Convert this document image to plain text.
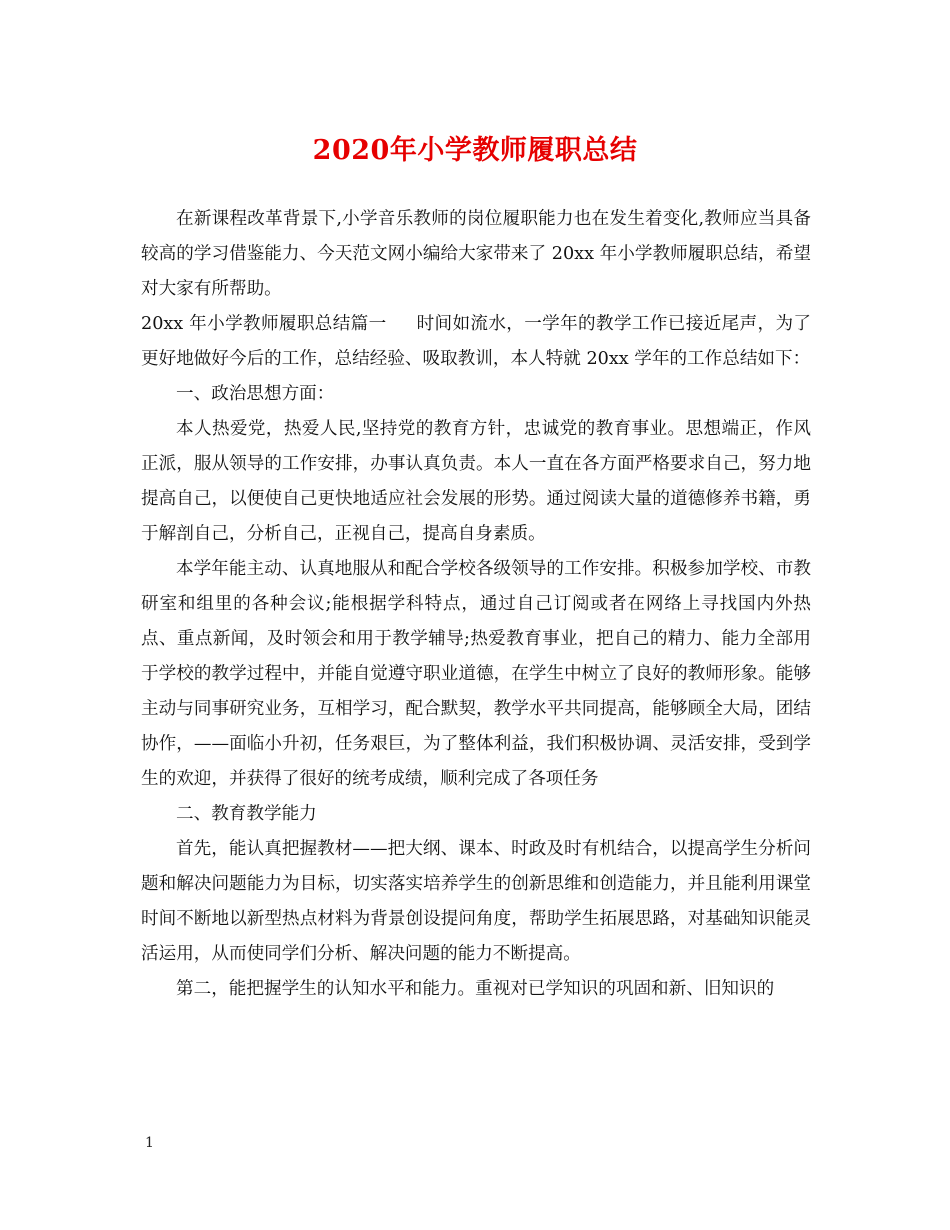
2020年小学教师履职总结

在新课程改革背景下,小学音乐教师的岗位履职能力也在发生着变化,教师应当具备较高的学习借鉴能力、今天范文网小编给大家带来了 20xx 年小学教师履职总结，希望对大家有所帮助。

20xx 年小学教师履职总结篇一 时间如流水，一学年的教学工作已接近尾声，为了更好地做好今后的工作，总结经验、吸取教训，本人特就 20xx 学年的工作总结如下：

一、政治思想方面：

本人热爱党，热爱人民,坚持党的教育方针，忠诚党的教育事业。思想端正，作风正派，服从领导的工作安排，办事认真负责。本人一直在各方面严格要求自己，努力地提高自己，以便使自己更快地适应社会发展的形势。通过阅读大量的道德修养书籍，勇于解剖自己，分析自己，正视自己，提高自身素质。

本学年能主动、认真地服从和配合学校各级领导的工作安排。积极参加学校、市教研室和组里的各种会议;能根据学科特点，通过自己订阅或者在网络上寻找国内外热点、重点新闻，及时领会和用于教学辅导;热爱教育事业，把自己的精力、能力全部用于学校的教学过程中，并能自觉遵守职业道德，在学生中树立了良好的教师形象。能够主动与同事研究业务，互相学习，配合默契，教学水平共同提高，能够顾全大局，团结协作，——面临小升初，任务艰巨，为了整体利益，我们积极协调、灵活安排，受到学生的欢迎，并获得了很好的统考成绩，顺利完成了各项任务

二、教育教学能力

首先，能认真把握教材——把大纲、课本、时政及时有机结合，以提高学生分析问题和解决问题能力为目标，切实落实培养学生的创新思维和创造能力，并且能利用课堂时间不断地以新型热点材料为背景创设提问角度，帮助学生拓展思路，对基础知识能灵活运用，从而使同学们分析、解决问题的能力不断提高。

第二，能把握学生的认知水平和能力。重视对已学知识的巩固和新、旧知识的

1
